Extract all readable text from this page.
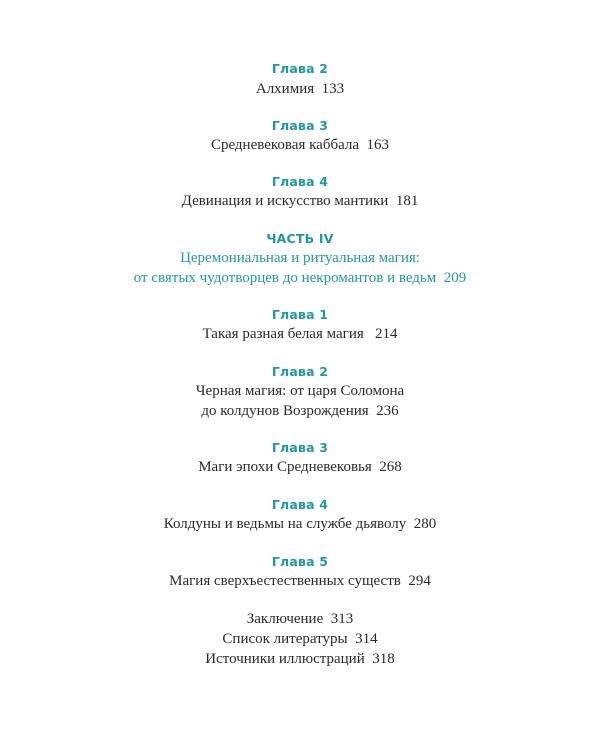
Глава 2
Алхимия 133
Глава 3
Средневековая каббала 163
Глава 4
Девинация и искусство мантики 181
ЧАСТЬ IV
Церемониальная и ритуальная магия:
от святых чудотворцев до некромантов и ведьм 209
Глава 1
Такая разная белая магия 214
Глава 2
Черная магия: от царя Соломона
до колдунов Возрождения 236
Глава 3
Маги эпохи Средневековья 268
Глава 4
Колдуны и ведьмы на службе дьяволу 280
Глава 5
Магия сверхъестественных существ 294
Заключение 313
Список литературы 314
Источники иллюстраций 318
